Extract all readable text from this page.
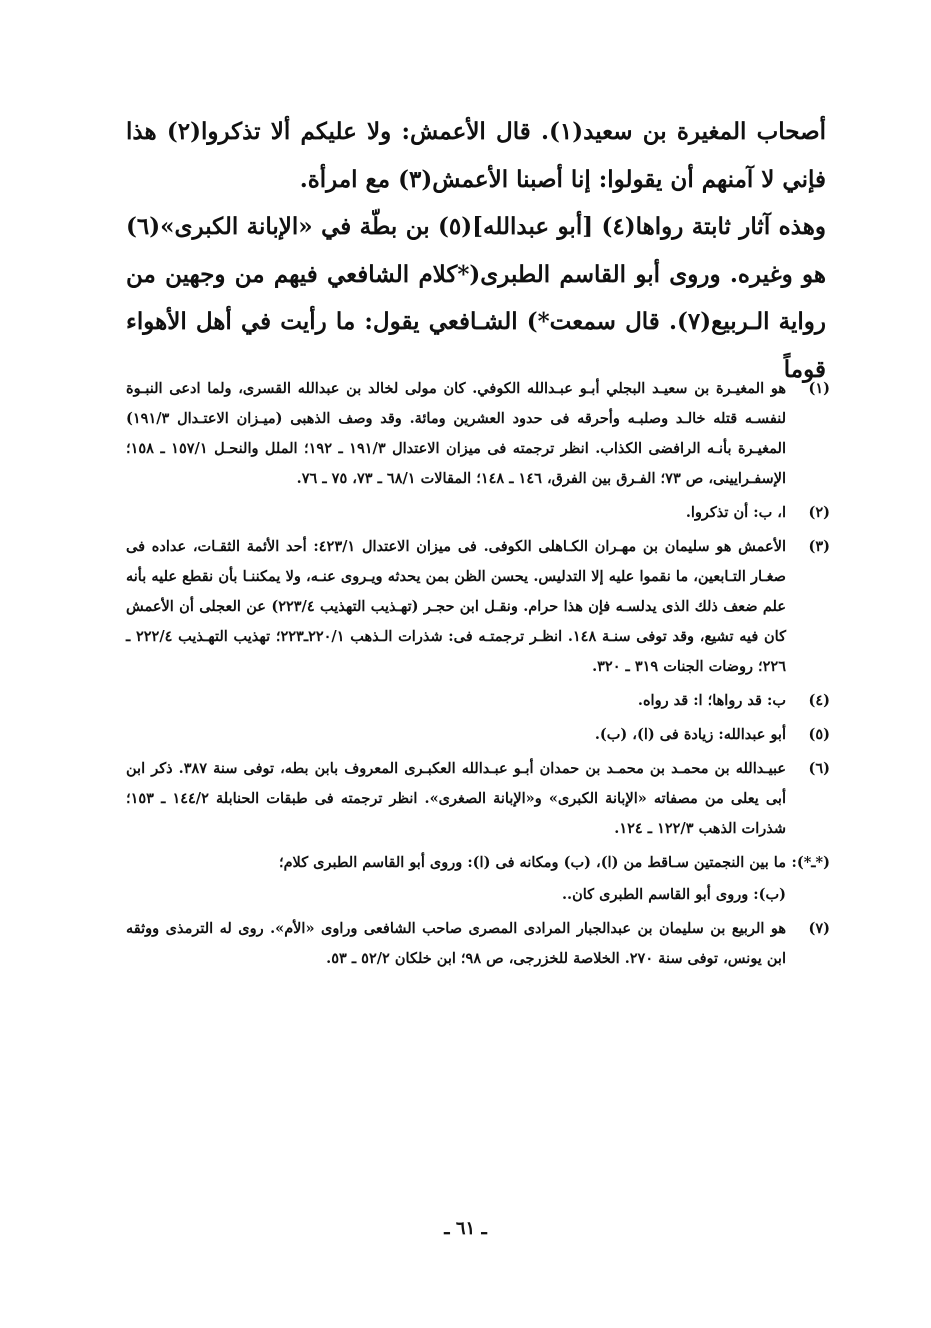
أصحاب المغيرة بن سعيد(١). قال الأعمش: ولا عليكم ألا تذكروا(٢) هذا فإني لا آمنهم أن يقولوا: إنا أصبنا الأعمش(٣) مع امرأة.

وهذه آثار ثابتة رواها(٤) [أبو عبدالله](٥) بن بطّة في «الإبانة الكبرى»(٦) هو وغيره. وروى أبو القاسم الطبرى(*كلام الشافعي فيهم من وجهين من رواية الـربيع(٧). قال سمعت*) الشـافعي يقول: ما رأيت في أهل الأهواء قوماً

(١)
هو المغيـرة بن سعيـد البجلي أبـو عبـدالله الكوفي. كان مولى لخالد بن عبدالله القسرى، ولما ادعى النبـوة لنفسـه قتله خالـد وصلبـه وأحرقه فى حدود العشرين ومائة. وقد وصف الذهبى (ميـزان الاعتـدال ١٩١/٣) المغيـرة بأنـه الرافضى الكذاب. انظر ترجمته فى ميزان الاعتدال ١٩١/٣ ـ ١٩٢؛ الملل والنحـل ١٥٧/١ ـ ١٥٨؛ الإسفـرايينى، ص ٧٣؛ الفـرق بين الفرق، ١٤٦ ـ ١٤٨؛ المقالات ٦٨/١ ـ ٧٣، ٧٥ ـ ٧٦.
(٢)
ا، ب: أن تذكروا.
(٣)
الأعمش هو سليمان بن مهـران الكـاهلى الكوفى. فى ميزان الاعتدال ٤٢٣/١: أحد الأئمة الثقـات، عداده فى صغـار التـابعين، ما نقموا عليه إلا التدليس. يحسن الظن بمن يحدثه ويـروى عنـه، ولا يمكننـا بأن نقطع عليه بأنه علم ضعف ذلك الذى يدلسـه فإن هذا حرام. ونقـل ابن حجـر (تهـذيب التهذيب ٢٢٣/٤) عن العجلى أن الأعمش كان فيه تشيع، وقد توفى سنـة ١٤٨. انظـر ترجمتـه فى: شذرات الـذهب ٢٢٠/١ـ٢٢٣؛ تهذيب التهـذيب ٢٢٢/٤ ـ ٢٢٦؛ روضات الجنات ٣١٩ ـ ٣٢٠.
(٤)
ب: قد رواها؛ ا: قد رواه.
(٥)
أبو عبدالله: زيادة فى (ا)، (ب).
(٦)
عبيـدالله بن محمـد بن محمـد بن حمدان أبـو عبـدالله العكبـرى المعروف بابن بطه، توفى سنة ٣٨٧. ذكر ابن أبى يعلى من مصفاته «الإبانة الكبرى» و«الإبانة الصغرى». انظر ترجمته فى طبقات الحنابلة ١٤٤/٢ ـ ١٥٣؛ شذرات الذهب ١٢٢/٣ ـ ١٢٤.
(*ـ*):
ما بين النجمتين سـاقط من (ا)، (ب) ومكانه فى (ا): وروى أبو القاسم الطبرى كلام؛
(ب): وروى أبو القاسم الطبرى كان..
(٧)
هو الربيع بن سليمان بن عبدالجبار المرادى المصرى صاحب الشافعى وراوى «الأم». روى له الترمذى ووثقه ابن يونس، توفى سنة ٢٧٠. الخلاصة للخزرجى، ص ٩٨؛ ابن خلكان ٥٢/٢ ـ ٥٣.
ـ ٦١ ـ
